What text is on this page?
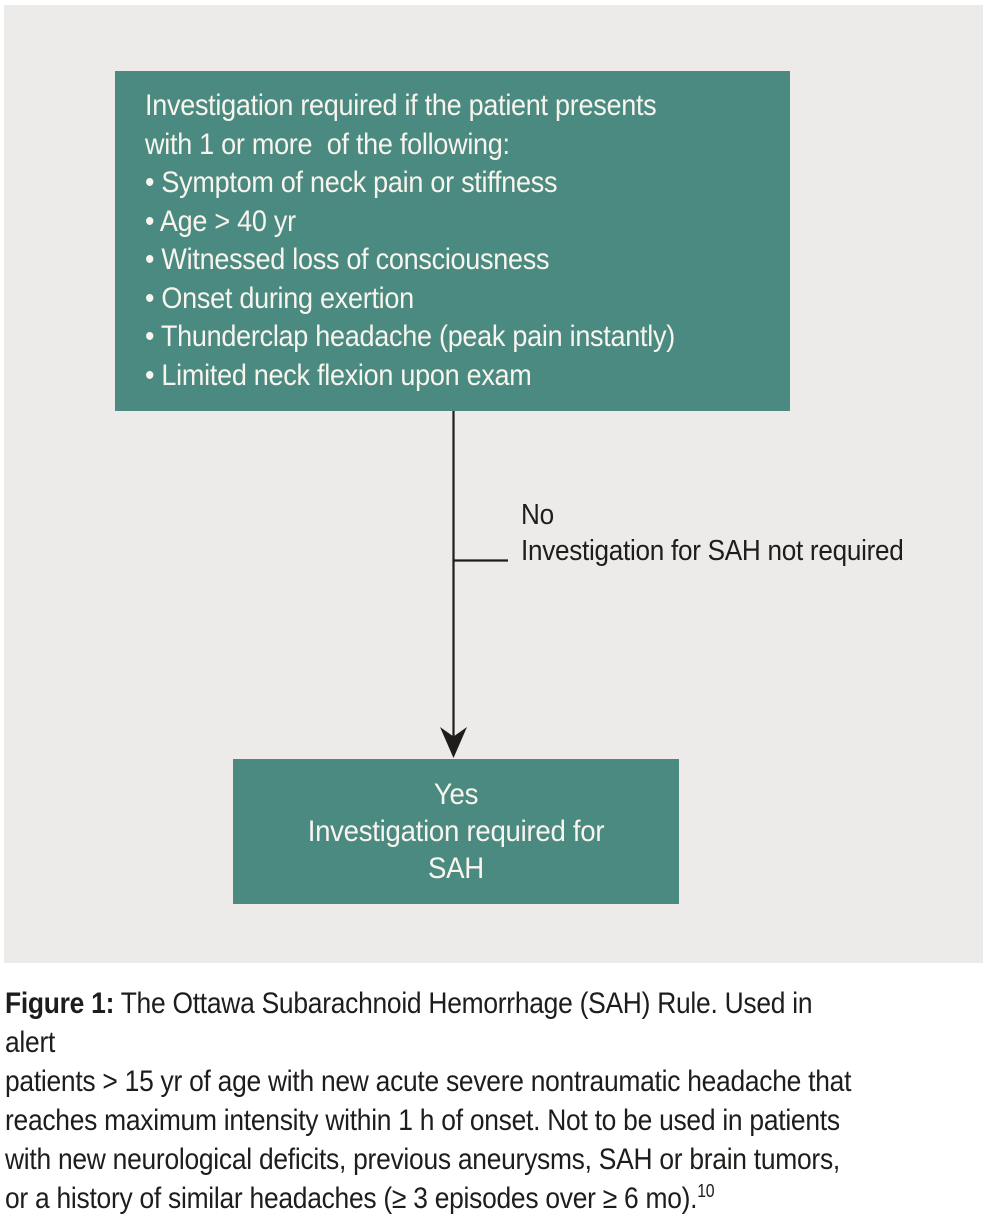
Investigation required if the patient presents
with 1 or more  of the following:
• Symptom of neck pain or stiffness
• Age > 40 yr
• Witnessed loss of consciousness
• Onset during exertion
• Thunderclap headache (peak pain instantly)
• Limited neck flexion upon exam
No
Investigation for SAH not required
Yes
Investigation required for
SAH
Figure 1: The Ottawa Subarachnoid Hemorrhage (SAH) Rule. Used in alert
patients > 15 yr of age with new acute severe nontraumatic headache that
reaches maximum intensity within 1 h of onset. Not to be used in patients
with new neurological deficits, previous aneurysms, SAH or brain tumors,
or a history of similar headaches (≥ 3 episodes over ≥ 6 mo).$^{10}$
